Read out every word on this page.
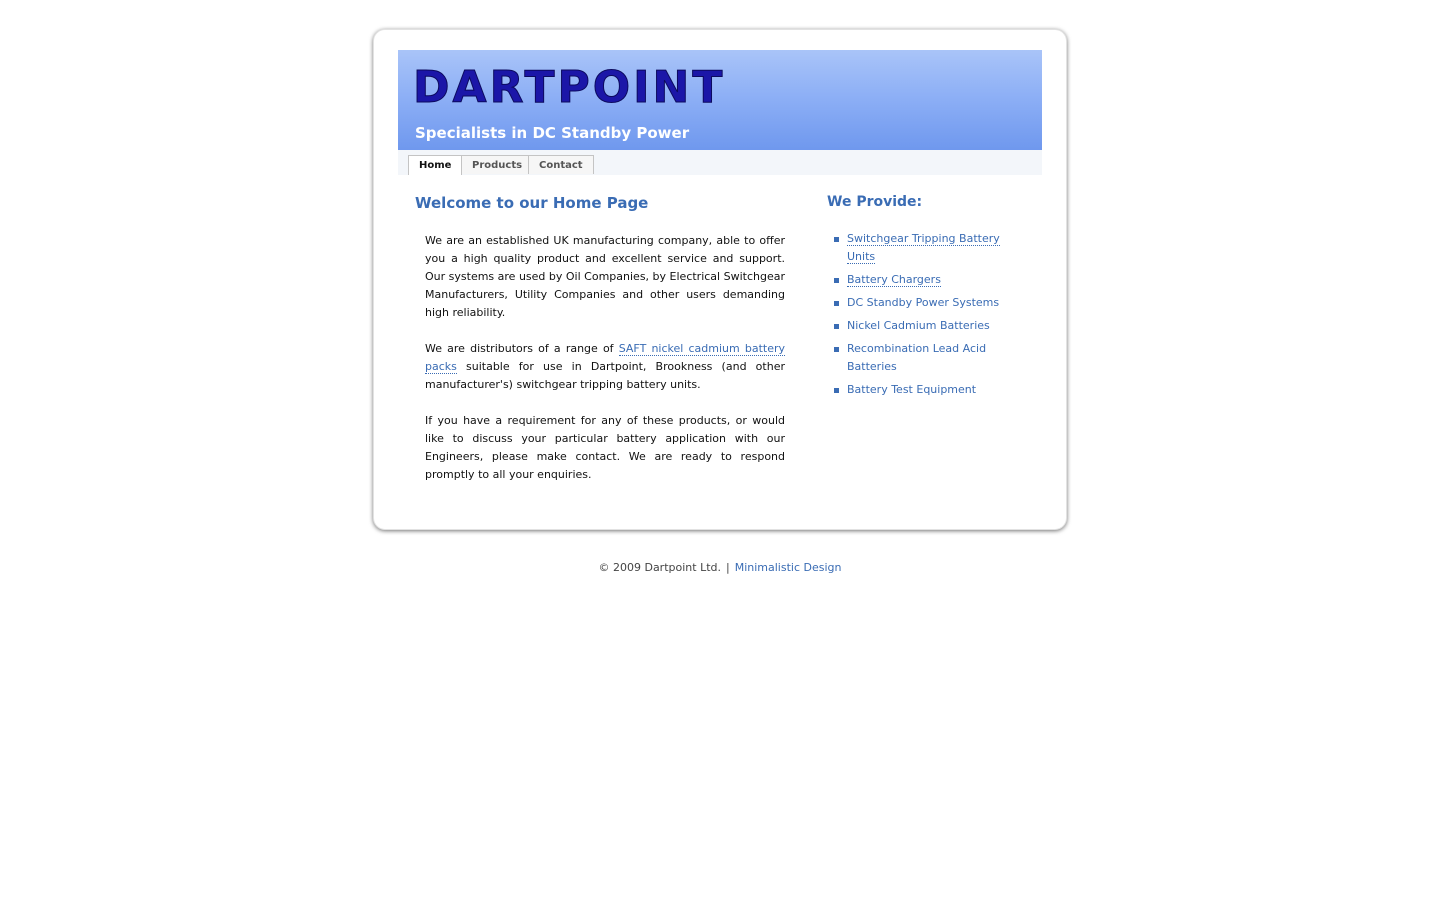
DARTPOINT
Specialists in DC Standby Power
Home	Products	Contact
Welcome to our Home Page

We are an established UK manufacturing company, able to offer you a high quality product and excellent service and support. Our systems are used by Oil Companies, by Electrical Switchgear Manufacturers, Utility Companies and other users demanding high reliability.

We are distributors of a range of SAFT nickel cadmium battery packs suitable for use in Dartpoint, Brookness (and other manufacturer's) switchgear tripping battery units.

If you have a requirement for any of these products, or would like to discuss your particular battery application with our Engineers, please make contact. We are ready to respond promptly to all your enquiries.

We Provide:
Switchgear Tripping Battery Units
Battery Chargers
DC Standby Power Systems
Nickel Cadmium Batteries
Recombination Lead Acid Batteries
Battery Test Equipment
© 2009 Dartpoint Ltd. | Minimalistic Design
